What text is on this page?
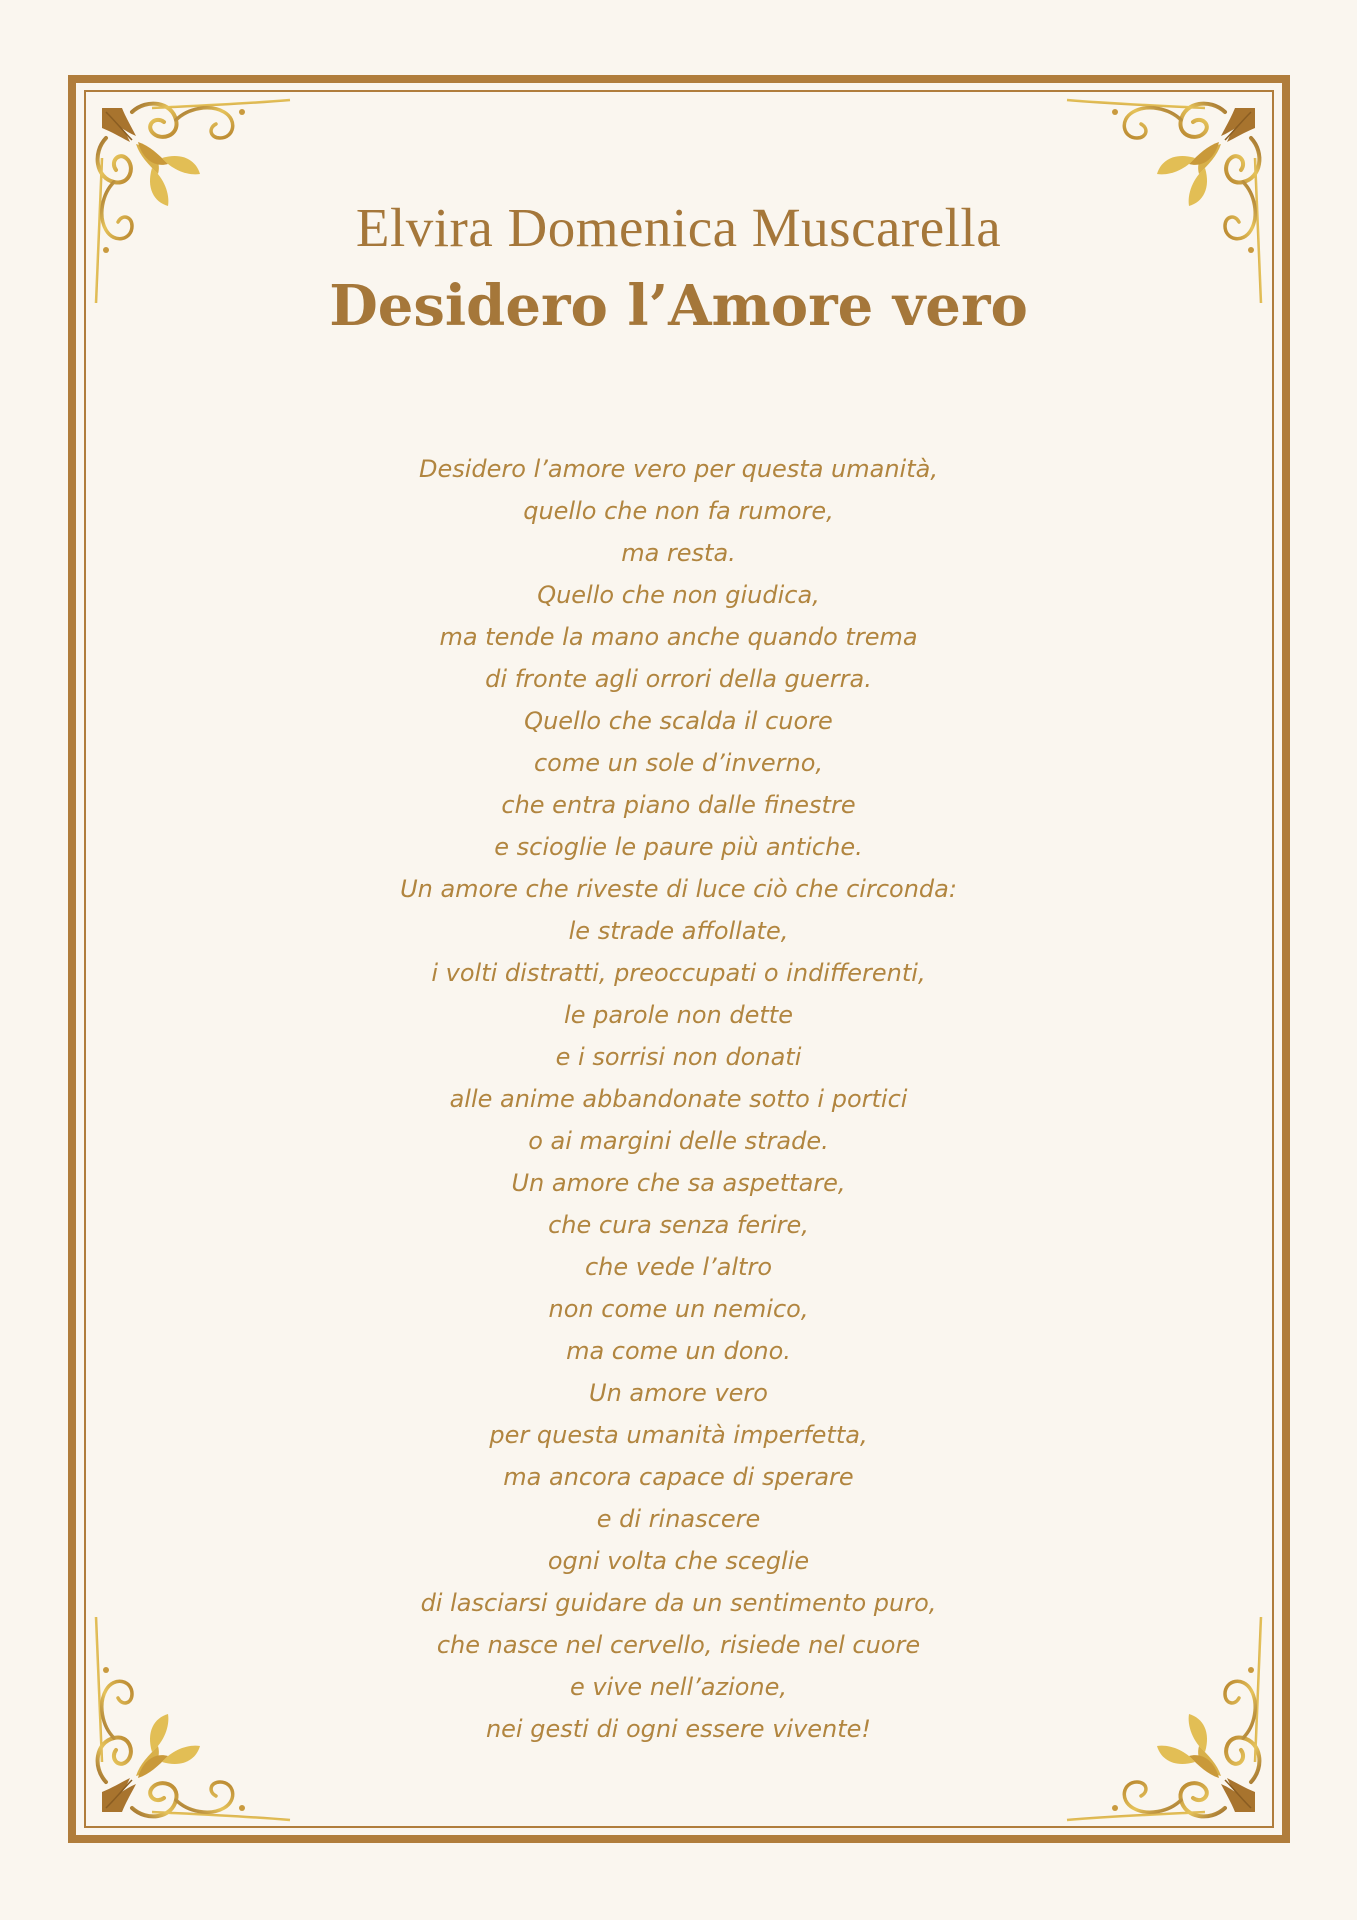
Elvira Domenica Muscarella
Desidero l’Amore vero
Desidero l’amore vero per questa umanità,
quello che non fa rumore,
ma resta.
Quello che non giudica,
ma tende la mano anche quando trema
di fronte agli orrori della guerra.
Quello che scalda il cuore
come un sole d’inverno,
che entra piano dalle finestre
e scioglie le paure più antiche.
Un amore che riveste di luce ciò che circonda:
le strade affollate,
i volti distratti, preoccupati o indifferenti,
le parole non dette
e i sorrisi non donati
alle anime abbandonate sotto i portici
o ai margini delle strade.
Un amore che sa aspettare,
che cura senza ferire,
che vede l’altro
non come un nemico,
ma come un dono.
Un amore vero
per questa umanità imperfetta,
ma ancora capace di sperare
e di rinascere
ogni volta che sceglie
di lasciarsi guidare da un sentimento puro,
che nasce nel cervello, risiede nel cuore
e vive nell’azione,
nei gesti di ogni essere vivente!
